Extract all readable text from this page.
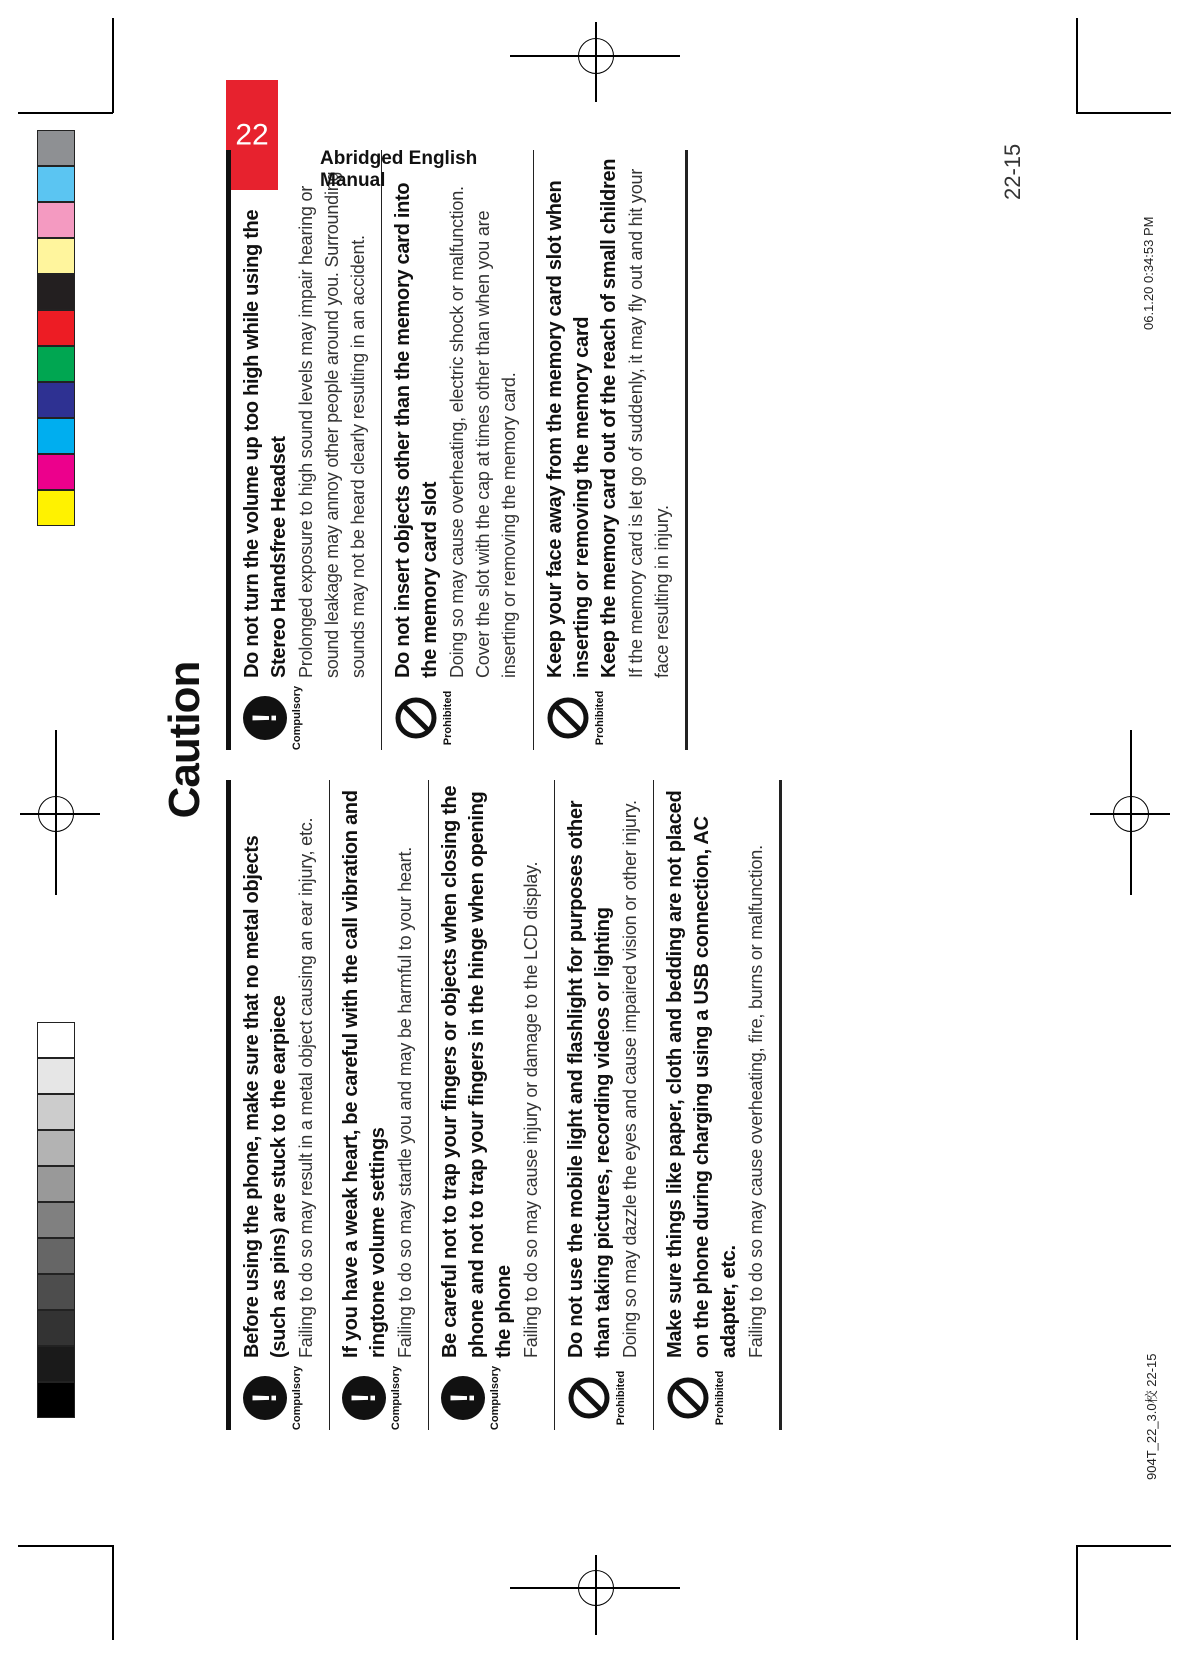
904T_22_3.0校 22-15
06.1.20 0:34:53 PM
22
Caution
! Compulsory
Before using the phone, make sure that no metal objects (such as pins) are stuck to the earpiece Failing to do so may result in a metal object causing an ear injury, etc.
! Compulsory
If you have a weak heart, be careful with the call vibration and ringtone volume settings Failing to do so may startle you and may be harmful to your heart.
! Compulsory
Be careful not to trap your fingers or objects when closing the phone and not to trap your fingers in the hinge when opening the phone Failing to do so may cause injury or damage to the LCD display.
Prohibited
Do not use the mobile light and flashlight for purposes other than taking pictures, recording videos or lighting Doing so may dazzle the eyes and cause impaired vision or other injury.
Prohibited
Make sure things like paper, cloth and bedding are not placed on the phone during charging using a USB connection, AC adapter, etc. Failing to do so may cause overheating, fire, burns or malfunction.
! Compulsory
Do not turn the volume up too high while using the Stereo Handsfree Headset Prolonged exposure to high sound levels may impair hearing or sound leakage may annoy other people around you. Surrounding sounds may not be heard clearly resulting in an accident.
Prohibited
Do not insert objects other than the memory card into the memory card slot Doing so may cause overheating, electric shock or malfunction. Cover the slot with the cap at times other than when you are inserting or removing the memory card.
Prohibited
Keep your face away from the memory card slot when inserting or removing the memory card Keep the memory card out of the reach of small children If the memory card is let go of suddenly, it may fly out and hit your face resulting in injury.
Abridged English Manual	22-15
